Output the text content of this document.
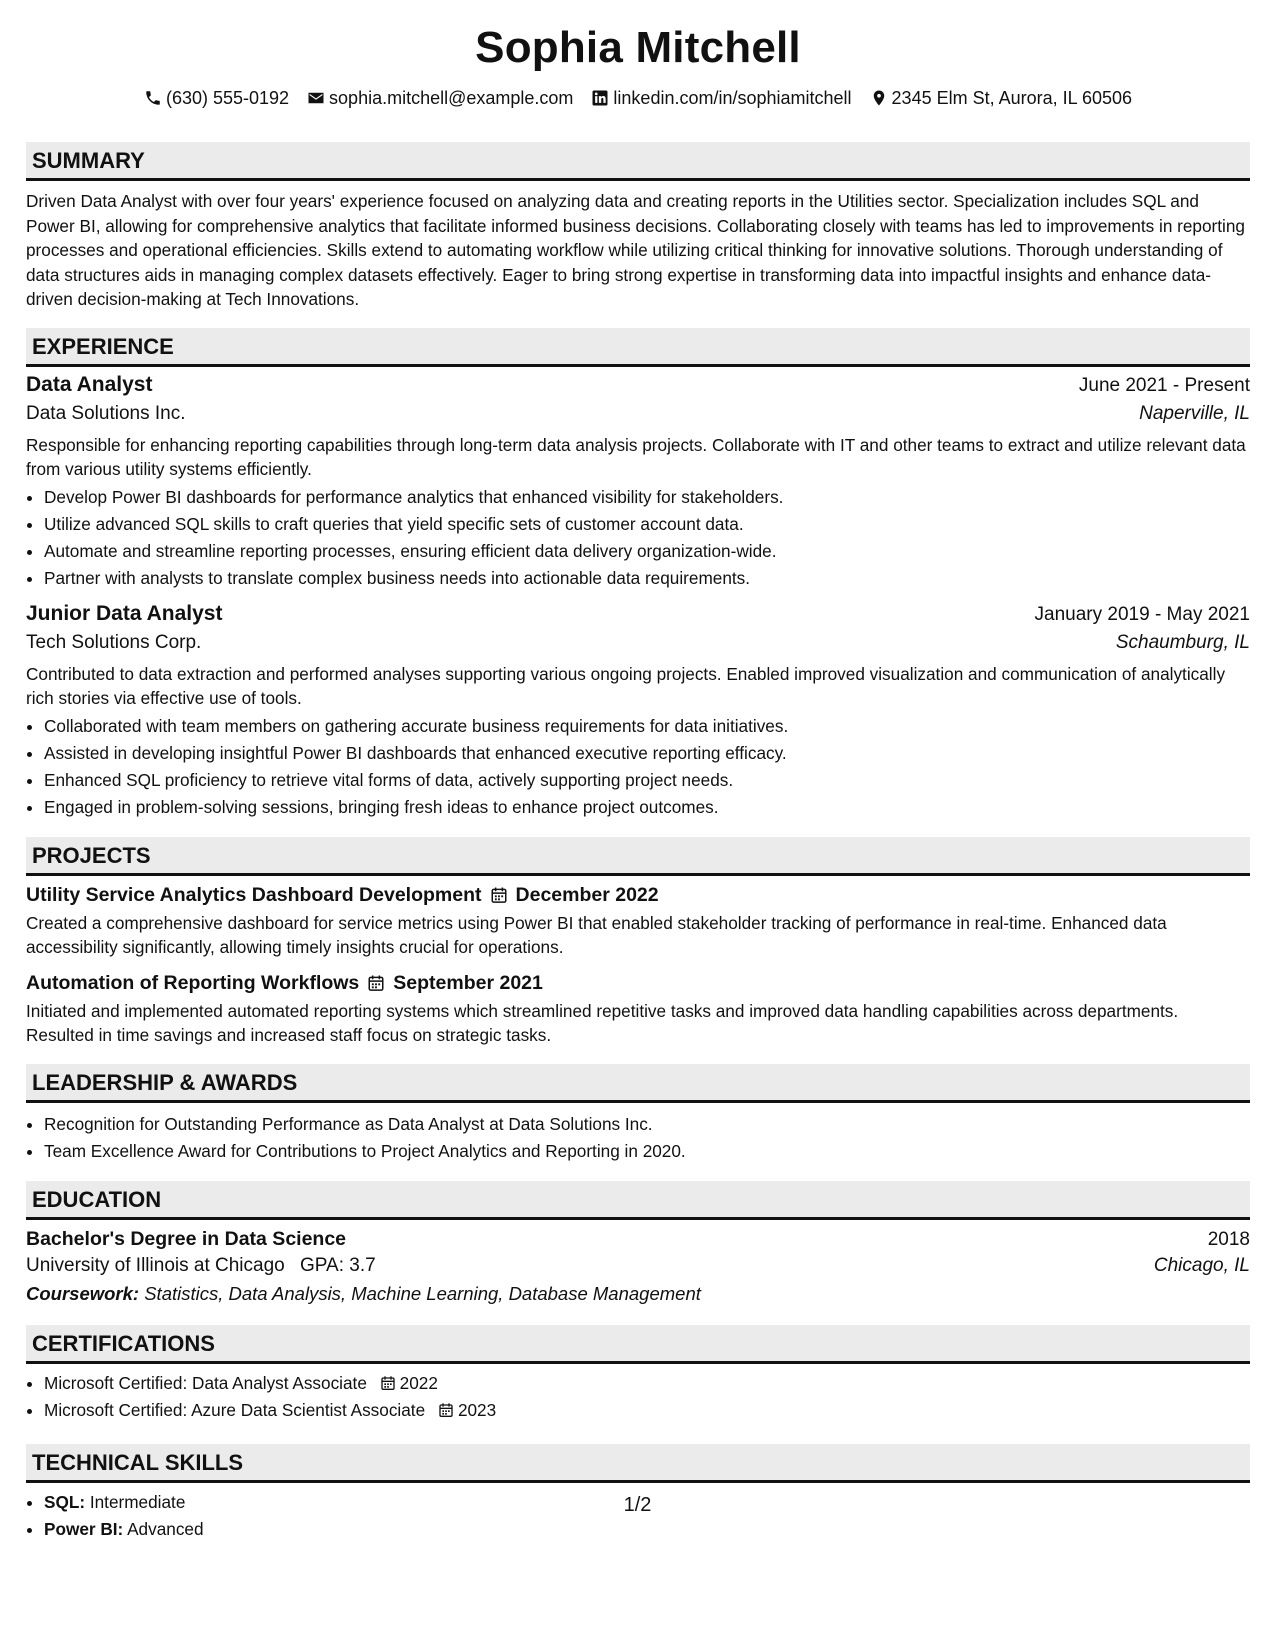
Sophia Mitchell
(630) 555-0192 sophia.mitchell@example.com linkedin.com/in/sophiamitchell 2345 Elm St, Aurora, IL 60506
SUMMARY

Driven Data Analyst with over four years' experience focused on analyzing data and creating reports in the Utilities sector. Specialization includes SQL and Power BI, allowing for comprehensive analytics that facilitate informed business decisions. Collaborating closely with teams has led to improvements in reporting processes and operational efficiencies. Skills extend to automating workflow while utilizing critical thinking for innovative solutions. Thorough understanding of data structures aids in managing complex datasets effectively. Eager to bring strong expertise in transforming data into impactful insights and enhance data-driven decision-making at Tech Innovations.

EXPERIENCE
Data Analyst	June 2021 - Present
Data Solutions Inc.	Naperville, IL

Responsible for enhancing reporting capabilities through long-term data analysis projects. Collaborate with IT and other teams to extract and utilize relevant data from various utility systems efficiently.

• Develop Power BI dashboards for performance analytics that enhanced visibility for stakeholders.
• Utilize advanced SQL skills to craft queries that yield specific sets of customer account data.
• Automate and streamline reporting processes, ensuring efficient data delivery organization-wide.
• Partner with analysts to translate complex business needs into actionable data requirements.
Junior Data Analyst	January 2019 - May 2021
Tech Solutions Corp.	Schaumburg, IL

Contributed to data extraction and performed analyses supporting various ongoing projects. Enabled improved visualization and communication of analytically rich stories via effective use of tools.

• Collaborated with team members on gathering accurate business requirements for data initiatives.
• Assisted in developing insightful Power BI dashboards that enhanced executive reporting efficacy.
• Enhanced SQL proficiency to retrieve vital forms of data, actively supporting project needs.
• Engaged in problem-solving sessions, bringing fresh ideas to enhance project outcomes.
PROJECTS
Utility Service Analytics Dashboard Development December 2022

Created a comprehensive dashboard for service metrics using Power BI that enabled stakeholder tracking of performance in real-time. Enhanced data accessibility significantly, allowing timely insights crucial for operations.

Automation of Reporting Workflows September 2021

Initiated and implemented automated reporting systems which streamlined repetitive tasks and improved data handling capabilities across departments. Resulted in time savings and increased staff focus on strategic tasks.

LEADERSHIP & AWARDS
• Recognition for Outstanding Performance as Data Analyst at Data Solutions Inc.
• Team Excellence Award for Contributions to Project Analytics and Reporting in 2020.
EDUCATION
Bachelor's Degree in Data Science	2018
University of Illinois at Chicago GPA: 3.7	Chicago, IL
Coursework: Statistics, Data Analysis, Machine Learning, Database Management
CERTIFICATIONS
• Microsoft Certified: Data Analyst Associate 2022
• Microsoft Certified: Azure Data Scientist Associate 2023
TECHNICAL SKILLS
• SQL: Intermediate
• Power BI: Advanced
1/2
